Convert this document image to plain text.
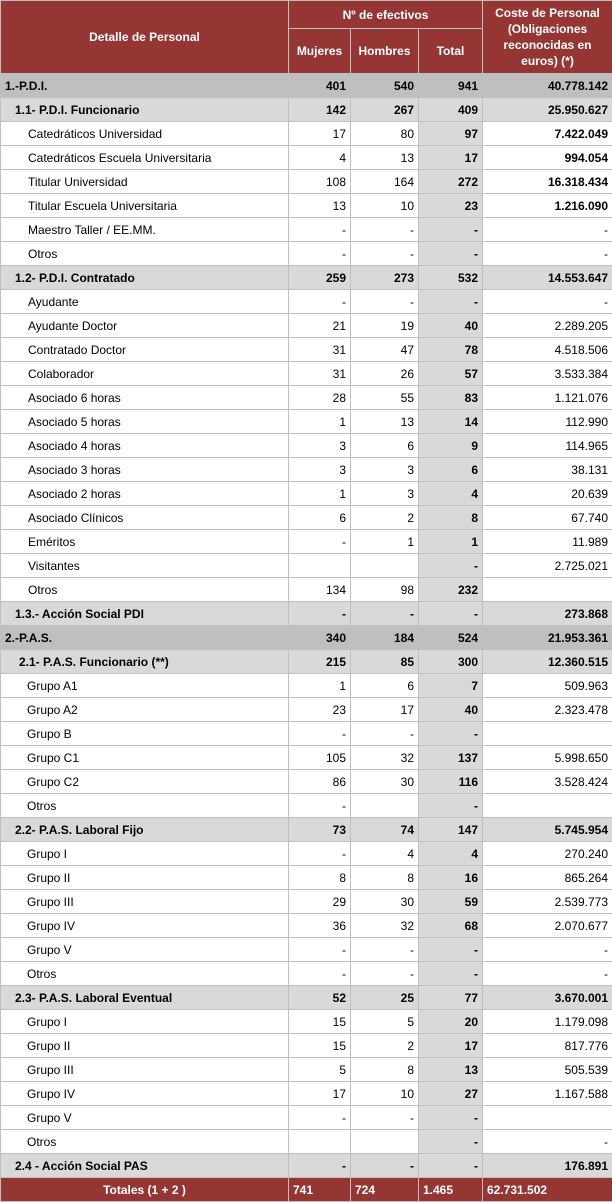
Detalle de Personal	Nº de efectivos			Coste de Personal (Obligaciones reconocidas en euros) (*)
	Mujeres	Hombres	Total	
1.-P.D.I.	401	540	941	40.778.142
1.1- P.D.I. Funcionario	142	267	409	25.950.627
Catedráticos Universidad	17	80	97	7.422.049
Catedráticos Escuela Universitaria	4	13	17	994.054
Titular Universidad	108	164	272	16.318.434
Titular Escuela Universitaria	13	10	23	1.216.090
Maestro Taller / EE.MM.	-	-	-	-
Otros	-	-	-	-
1.2- P.D.I. Contratado	259	273	532	14.553.647
Ayudante	-	-	-	-
Ayudante Doctor	21	19	40	2.289.205
Contratado Doctor	31	47	78	4.518.506
Colaborador	31	26	57	3.533.384
Asociado 6 horas	28	55	83	1.121.076
Asociado 5 horas	1	13	14	112.990
Asociado 4 horas	3	6	9	114.965
Asociado 3 horas	3	3	6	38.131
Asociado 2 horas	1	3	4	20.639
Asociado Clínicos	6	2	8	67.740
Eméritos	-	1	1	11.989
Visitantes			-	2.725.021
Otros	134	98	232	
1.3.- Acción Social PDI	-	-	-	273.868
2.-P.A.S.	340	184	524	21.953.361
2.1- P.A.S. Funcionario (**)	215	85	300	12.360.515
Grupo A1	1	6	7	509.963
Grupo A2	23	17	40	2.323.478
Grupo B	-	-	-	
Grupo C1	105	32	137	5.998.650
Grupo C2	86	30	116	3.528.424
Otros	-		-	
2.2- P.A.S. Laboral Fijo	73	74	147	5.745.954
Grupo I	-	4	4	270.240
Grupo II	8	8	16	865.264
Grupo III	29	30	59	2.539.773
Grupo IV	36	32	68	2.070.677
Grupo V	-	-	-	-
Otros	-	-	-	-
2.3- P.A.S. Laboral Eventual	52	25	77	3.670.001
Grupo I	15	5	20	1.179.098
Grupo II	15	2	17	817.776
Grupo III	5	8	13	505.539
Grupo IV	17	10	27	1.167.588
Grupo V	-	-	-	
Otros			-	-
2.4 - Acción Social PAS	-	-	-	176.891
Totales (1 + 2 )	741	724	1.465	62.731.502
